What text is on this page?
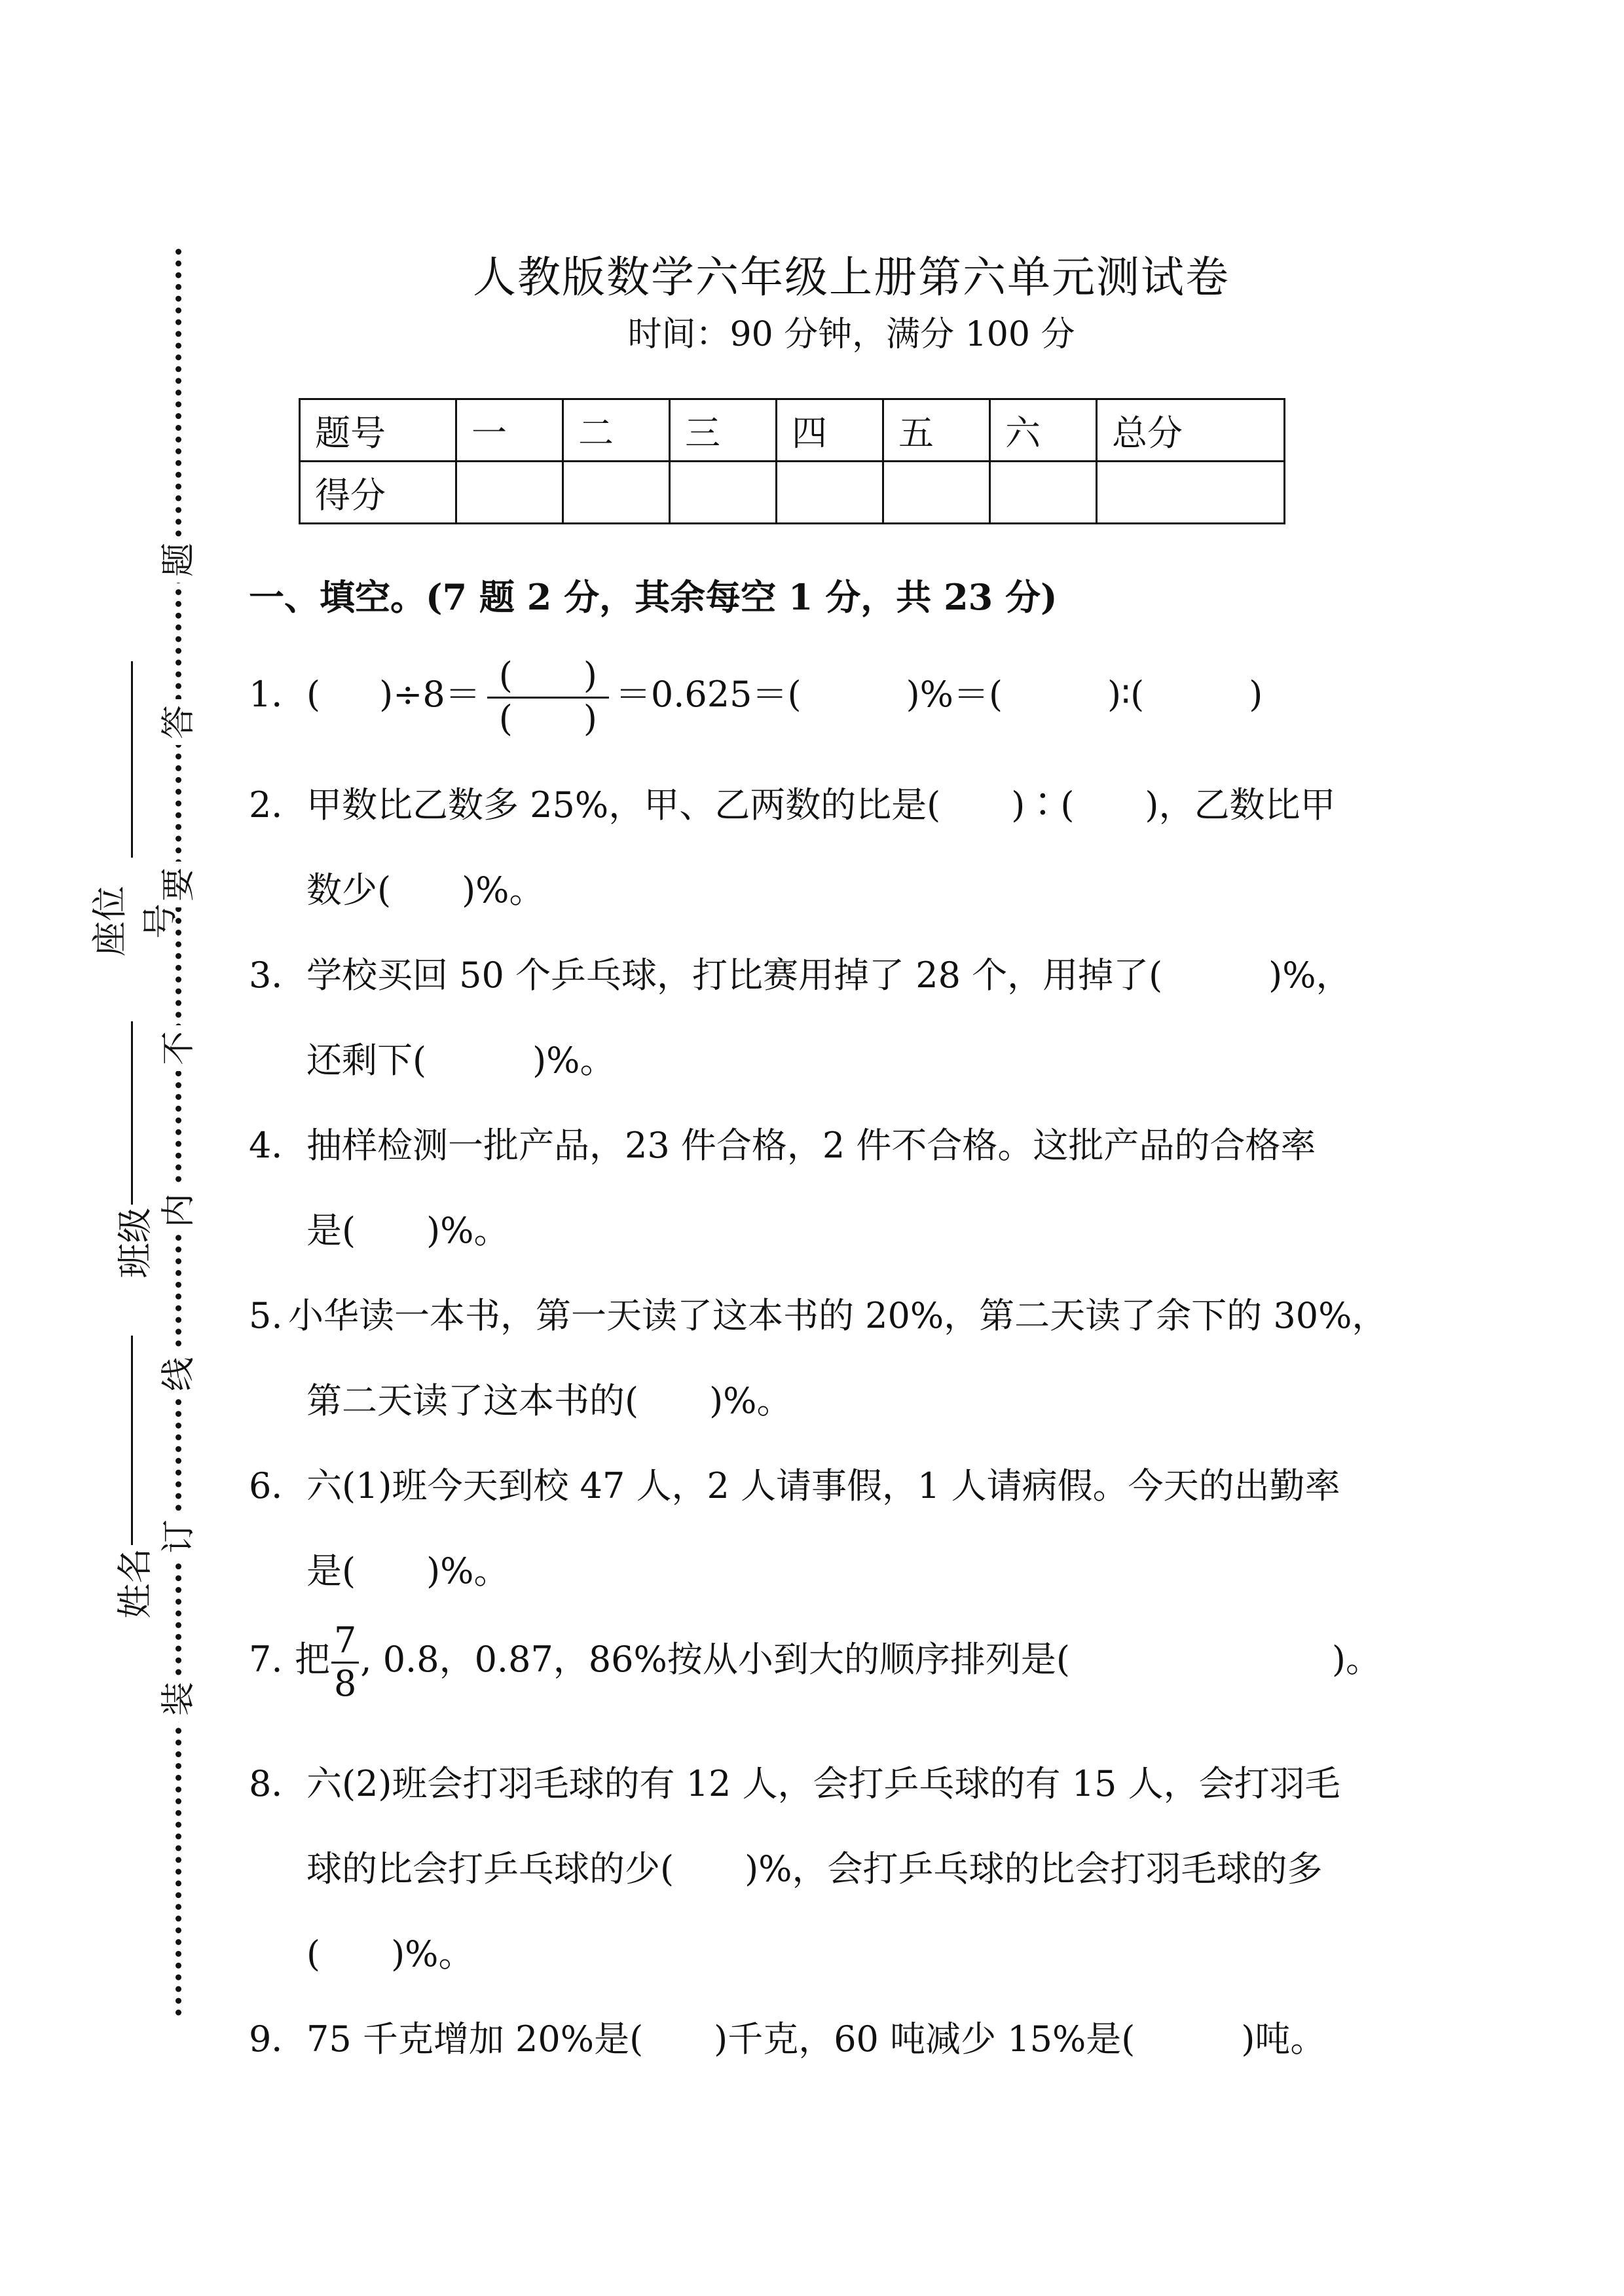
题
答
要
不
内
线
订
装
座位号
班级
姓名
人教版数学六年级上册第六单元测试卷
时间：90 分钟，满分 100 分
题号	一	二	三	四	五	六	总分
得分							
一、填空。(7 题 2 分，其余每空 1 分，共 23 分)
1．( )$\div 8= \frac{( )}{( )} =0.625=$(	)%＝(	)∶(	)
2．甲数比乙数多 25%，甲、乙两数的比是(　　)∶(　　)，乙数比甲
数少(　　)%。
3．学校买回 50 个乒乓球，打比赛用掉了 28 个，用掉了(　　　)%，
还剩下(　　　)%。
4．抽样检测一批产品，23 件合格，2 件不合格。这批产品的合格率
是(　　)%。
5. 小华读一本书，第一天读了这本书的 20%，第二天读了余下的 30%，
第二天读了这本书的(　　)%。
6．六(1)班今天到校 47 人，2 人请事假，1 人请病假。今天的出勤率
是(　　)%。
7. 把 $\frac{7}{8}$ , 0.8，0.87，86%按从小到大的顺序排列是(	)。
8．六(2)班会打羽毛球的有 12 人，会打乒乓球的有 15 人，会打羽毛
球的比会打乒乓球的少(　　)%，会打乒乓球的比会打羽毛球的多
(　　)%。
9．75 千克增加 20%是(　　)千克，60 吨减少 15%是(　　　)吨。
